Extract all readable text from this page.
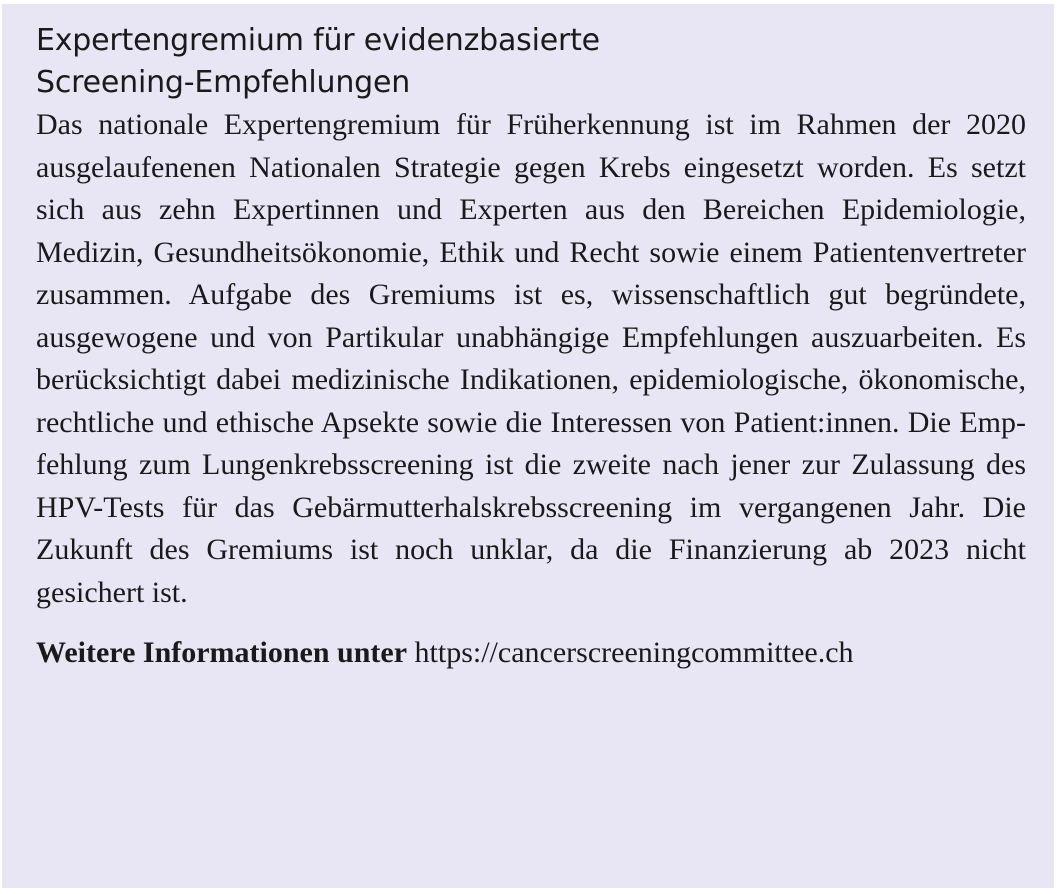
Expertengremium für evidenzbasierte
Screening-Empfehlungen

Das nationale Expertengremium für Früherkennung ist im Rahmen der 2020 ausgelaufenenen Nationalen Strategie gegen Krebs eingesetzt worden. Es setzt sich aus zehn Expertinnen und Experten aus den Bereichen Epidemiologie, Medizin, Gesundheitsökonomie, Ethik und Recht sowie einem Patientenvertreter zusammen. Aufgabe des Gremiums ist es, wissenschaftlich gut begründete, ausgewogene und von Partikular unabhängige Empfehlungen auszuarbeiten. Es berücksichtigt dabei medizinische Indikationen, epidemiologische, ökonomische, rechtliche und ethische Apsekte sowie die Interessen von Patient:innen. Die Empfehlung zum Lungenkrebsscreening ist die zweite nach jener zur Zulassung des HPV-Tests für das Gebärmutterhalskrebsscreening im vergangenen Jahr. Die Zukunft des Gremiums ist noch unklar, da die Finanzierung ab 2023 nicht gesichert ist.

Weitere Informationen unter https://cancerscreeningcommittee.ch
